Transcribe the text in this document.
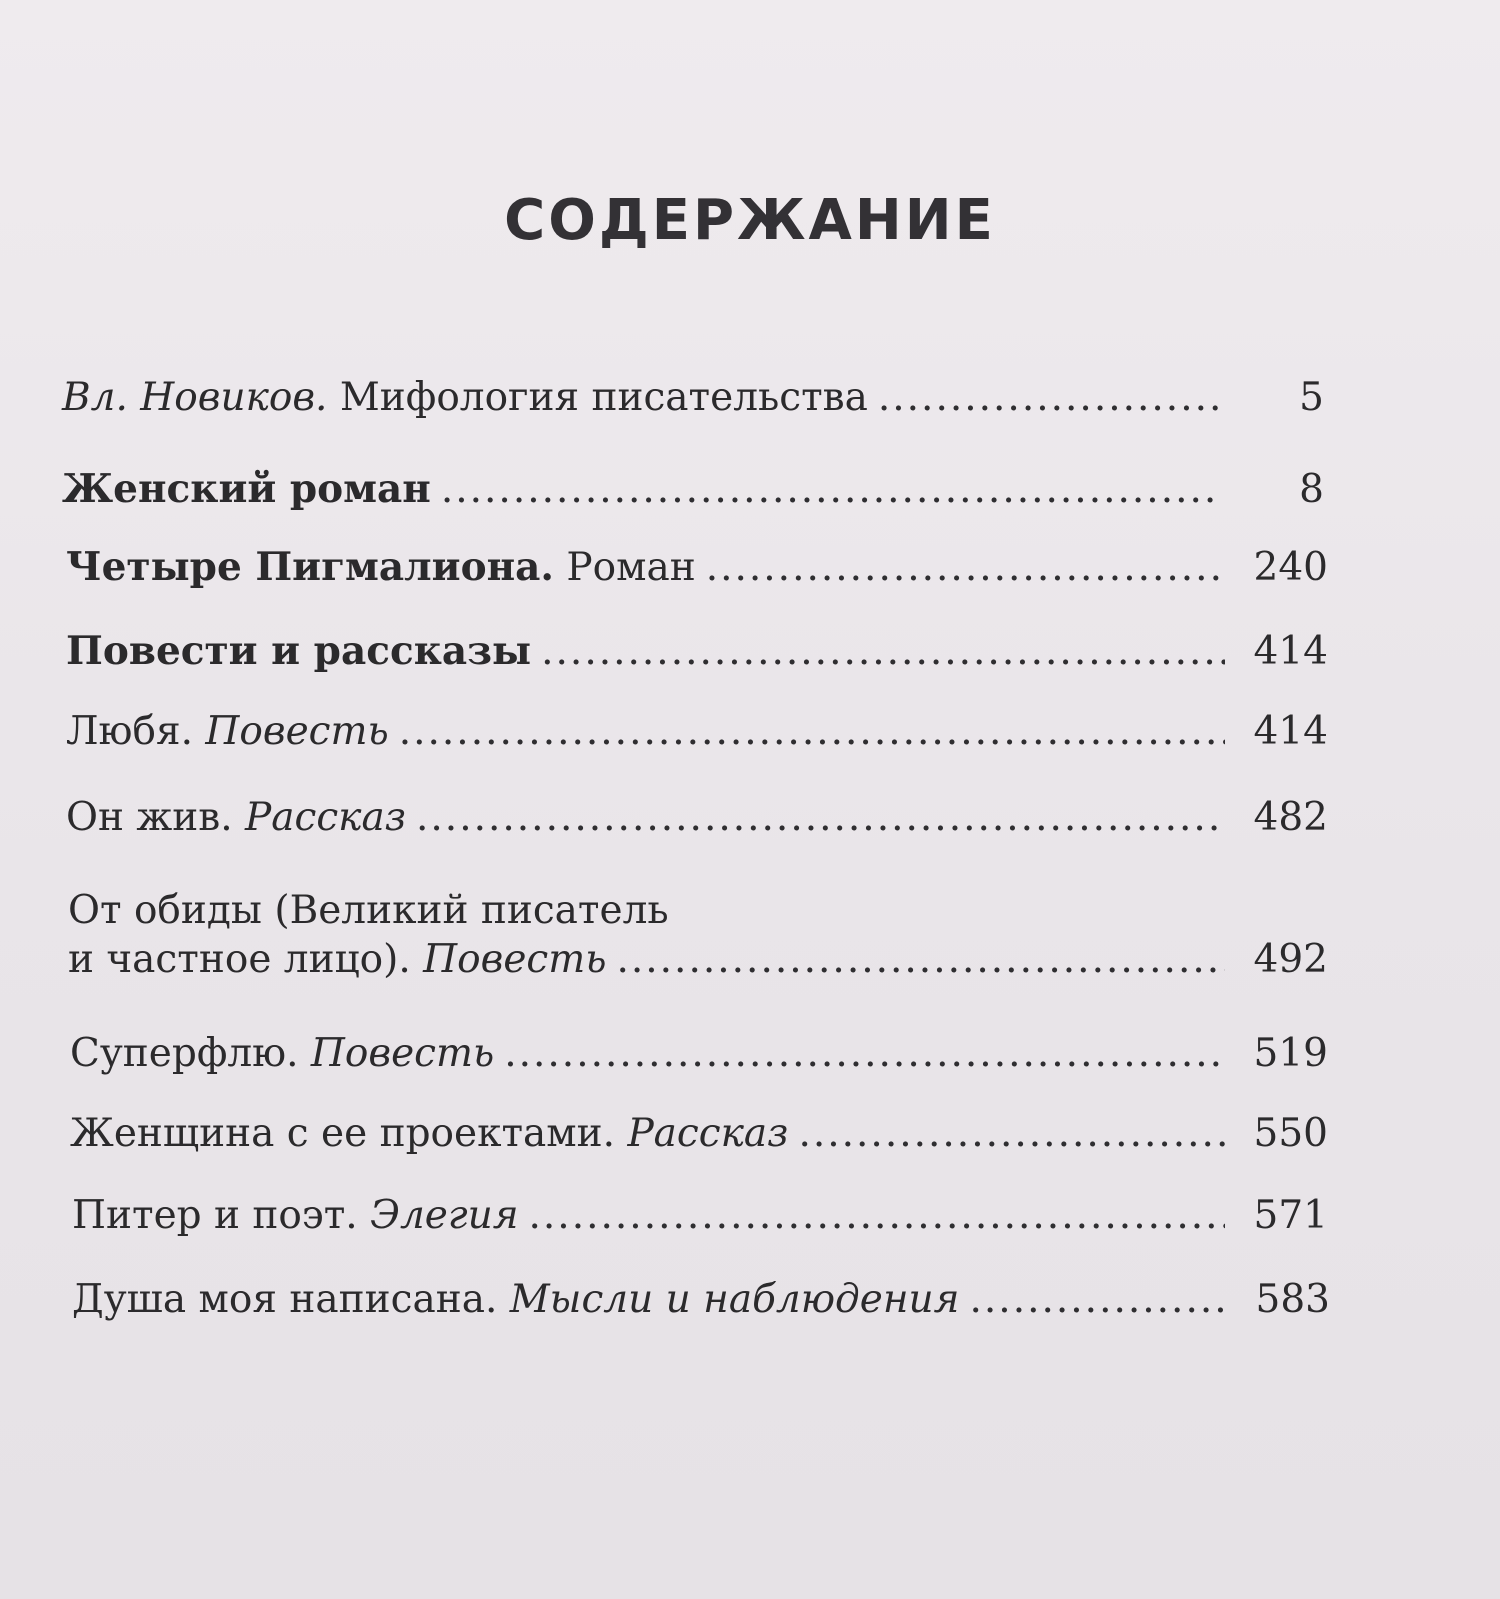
СОДЕРЖАНИЕ
Вл. Новиков. Мифология писательства .....	5
Женский роман .....	8
Четыре Пигмалиона. Роман .....	240
Повести и рассказы .....	414
Любя. Повесть .....	414
Он жив. Рассказ .....	482
От обиды (Великий писатель
и частное лицо). Повесть .....	492
Суперфлю. Повесть .....	519
Женщина с ее проектами. Рассказ .....	550
Питер и поэт. Элегия .....	571
Душа моя написана. Мысли и наблюдения .....	583
